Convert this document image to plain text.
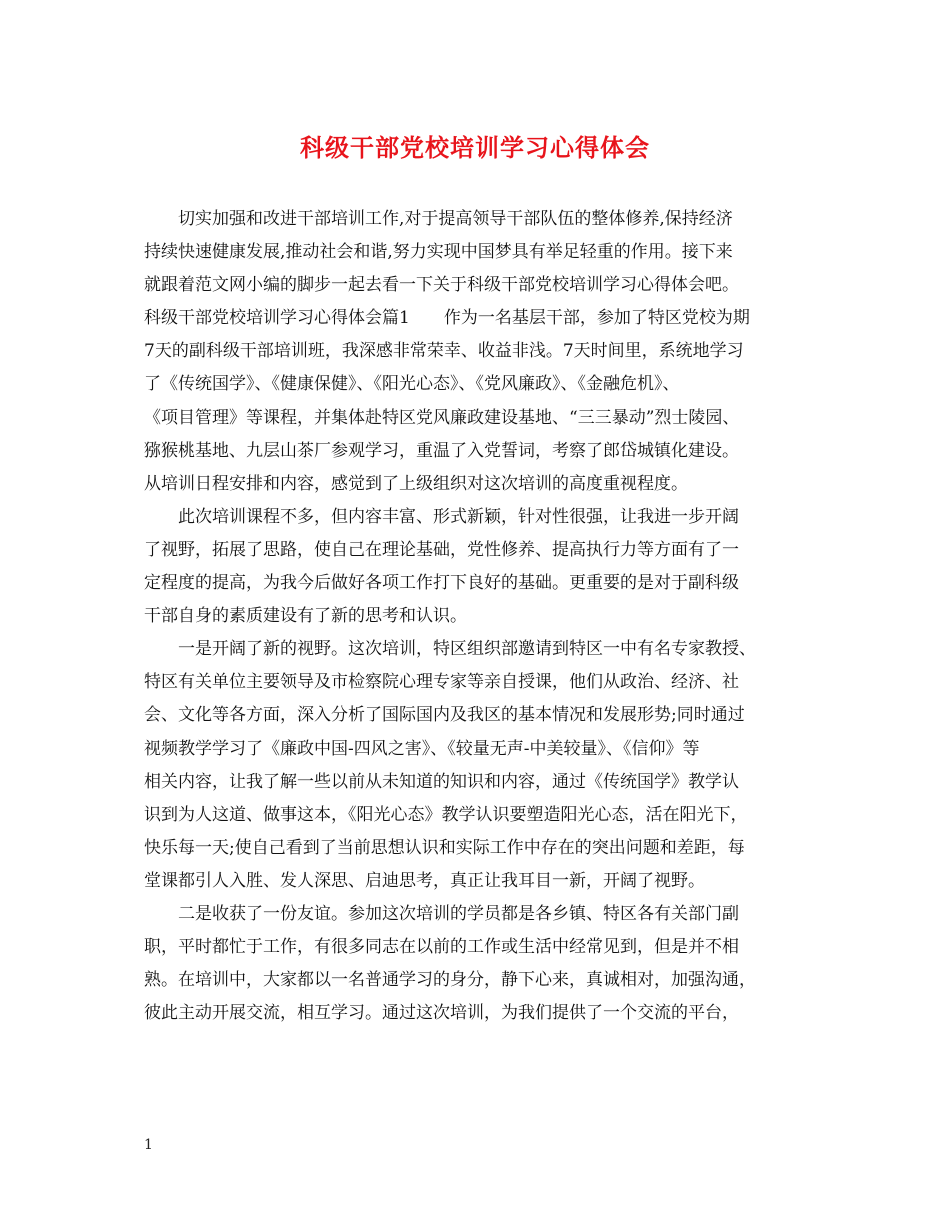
科级干部党校培训学习心得体会
切实加强和改进干部培训工作,对于提高领导干部队伍的整体修养,保持经济
持续快速健康发展,推动社会和谐,努力实现中国梦具有举足轻重的作用。接下来
就跟着范文网小编的脚步一起去看一下关于科级干部党校培训学习心得体会吧。
科级干部党校培训学习心得体会篇1　　作为一名基层干部，参加了特区党校为期
7天的副科级干部培训班，我深感非常荣幸、收益非浅。7天时间里，系统地学习
了《传统国学》、《健康保健》、《阳光心态》、《党风廉政》、《金融危机》、
《项目管理》等课程，并集体赴特区党风廉政建设基地、“三三暴动”烈士陵园、
猕猴桃基地、九层山茶厂参观学习，重温了入党誓词，考察了郎岱城镇化建设。
从培训日程安排和内容，感觉到了上级组织对这次培训的高度重视程度。
此次培训课程不多，但内容丰富、形式新颖，针对性很强，让我进一步开阔
了视野，拓展了思路，使自己在理论基础，党性修养、提高执行力等方面有了一
定程度的提高，为我今后做好各项工作打下良好的基础。更重要的是对于副科级
干部自身的素质建设有了新的思考和认识。
一是开阔了新的视野。这次培训，特区组织部邀请到特区一中有名专家教授、
特区有关单位主要领导及市检察院心理专家等亲自授课，他们从政治、经济、社
会、文化等各方面，深入分析了国际国内及我区的基本情况和发展形势;同时通过
视频教学学习了《廉政中国-四风之害》、《较量无声-中美较量》、《信仰》等
相关内容，让我了解一些以前从未知道的知识和内容，通过《传统国学》教学认
识到为人这道、做事这本，《阳光心态》教学认识要塑造阳光心态，活在阳光下，
快乐每一天;使自己看到了当前思想认识和实际工作中存在的突出问题和差距，每
堂课都引人入胜、发人深思、启迪思考，真正让我耳目一新，开阔了视野。
二是收获了一份友谊。参加这次培训的学员都是各乡镇、特区各有关部门副
职，平时都忙于工作，有很多同志在以前的工作或生活中经常见到，但是并不相
熟。在培训中，大家都以一名普通学习的身分，静下心来，真诚相对，加强沟通，
彼此主动开展交流，相互学习。通过这次培训，为我们提供了一个交流的平台，
1
